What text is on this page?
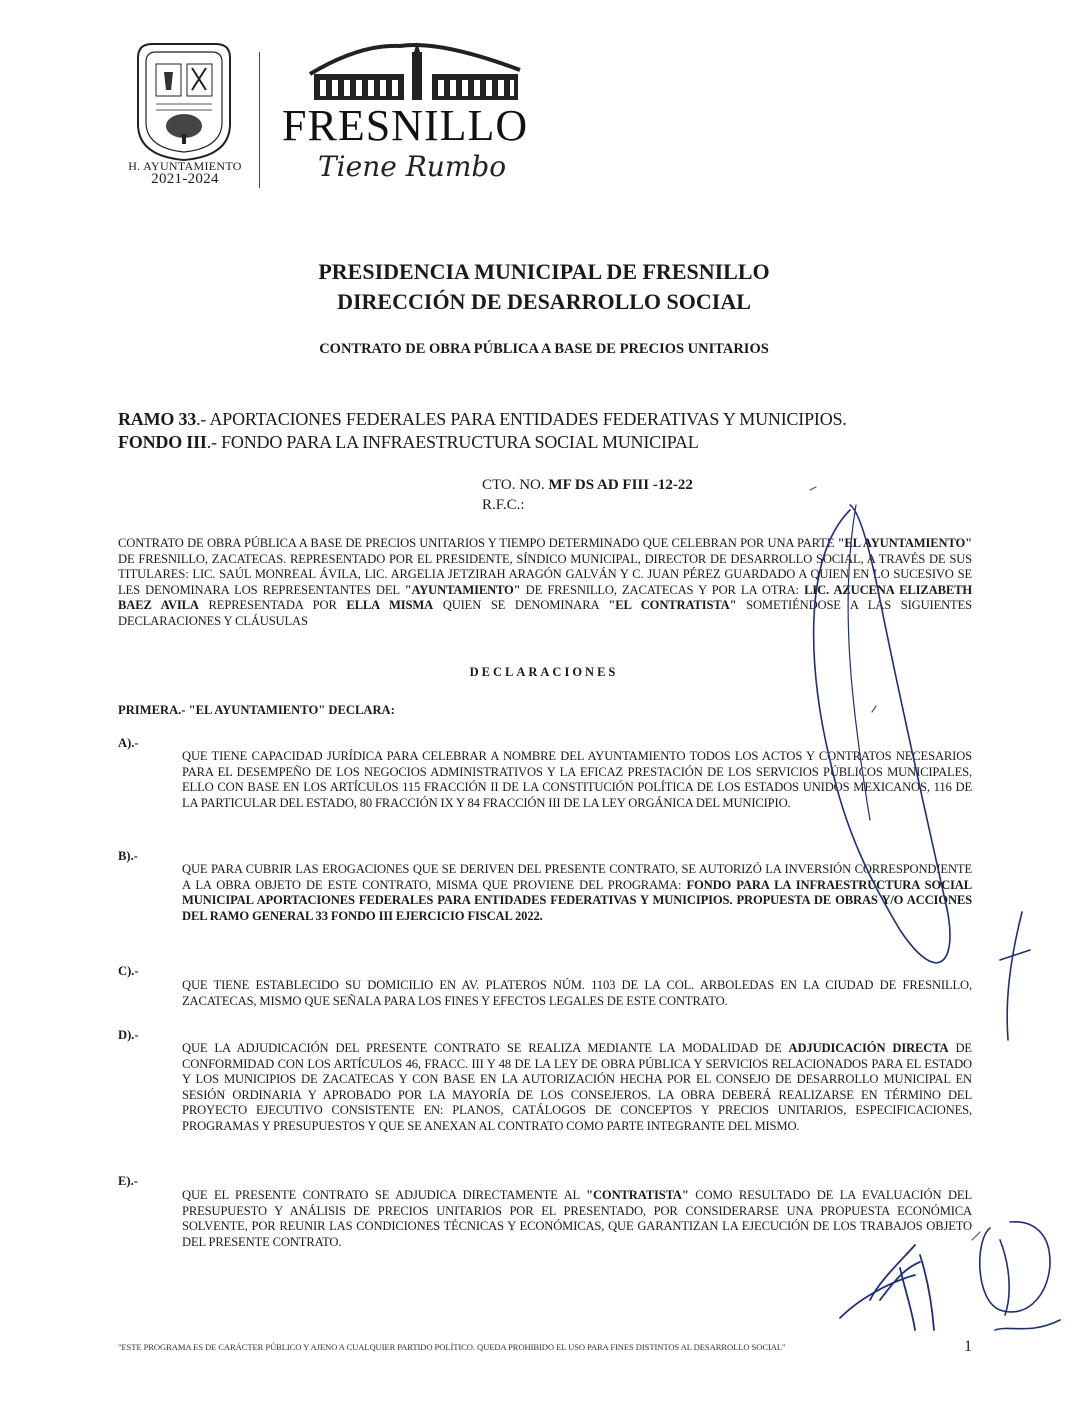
H. AYUNTAMIENTO
2021-2024
FRESNILLO
Tiene Rumbo
PRESIDENCIA MUNICIPAL DE FRESNILLO
DIRECCIÓN DE DESARROLLO SOCIAL
CONTRATO DE OBRA PÚBLICA A BASE DE PRECIOS UNITARIOS
RAMO 33.- APORTACIONES FEDERALES PARA ENTIDADES FEDERATIVAS Y MUNICIPIOS.
FONDO III.- FONDO PARA LA INFRAESTRUCTURA SOCIAL MUNICIPAL
CTO. NO. MF DS AD FIII -12-22
R.F.C.:
CONTRATO DE OBRA PÚBLICA A BASE DE PRECIOS UNITARIOS Y TIEMPO DETERMINADO QUE CELEBRAN POR UNA PARTE "EL AYUNTAMIENTO" DE FRESNILLO, ZACATECAS. REPRESENTADO POR EL PRESIDENTE, SÍNDICO MUNICIPAL, DIRECTOR DE DESARROLLO SOCIAL, A TRAVÉS DE SUS TITULARES: LIC. SAÚL MONREAL ÁVILA, LIC. ARGELIA JETZIRAH ARAGÓN GALVÁN Y C. JUAN PÉREZ GUARDADO A QUIEN EN LO SUCESIVO SE LES DENOMINARA LOS REPRESENTANTES DEL "AYUNTAMIENTO" DE FRESNILLO, ZACATECAS Y POR LA OTRA: LIC. AZUCENA ELIZABETH BAEZ AVILA REPRESENTADA POR ELLA MISMA QUIEN SE DENOMINARA "EL CONTRATISTA" SOMETIÉNDOSE A LAS SIGUIENTES DECLARACIONES Y CLÁUSULAS
DECLARACIONES
PRIMERA.- "EL AYUNTAMIENTO" DECLARA:
A).-
QUE TIENE CAPACIDAD JURÍDICA PARA CELEBRAR A NOMBRE DEL AYUNTAMIENTO TODOS LOS ACTOS Y CONTRATOS NECESARIOS PARA EL DESEMPEÑO DE LOS NEGOCIOS ADMINISTRATIVOS Y LA EFICAZ PRESTACIÓN DE LOS SERVICIOS PÚBLICOS MUNICIPALES, ELLO CON BASE EN LOS ARTÍCULOS 115 FRACCIÓN II DE LA CONSTITUCIÓN POLÍTICA DE LOS ESTADOS UNIDOS MEXICANOS, 116 DE LA PARTICULAR DEL ESTADO, 80 FRACCIÓN IX Y 84 FRACCIÓN III DE LA LEY ORGÁNICA DEL MUNICIPIO.
B).-
QUE PARA CUBRIR LAS EROGACIONES QUE SE DERIVEN DEL PRESENTE CONTRATO, SE AUTORIZÓ LA INVERSIÓN CORRESPONDIENTE A LA OBRA OBJETO DE ESTE CONTRATO, MISMA QUE PROVIENE DEL PROGRAMA: FONDO PARA LA INFRAESTRUCTURA SOCIAL MUNICIPAL APORTACIONES FEDERALES PARA ENTIDADES FEDERATIVAS Y MUNICIPIOS. PROPUESTA DE OBRAS Y/O ACCIONES DEL RAMO GENERAL 33 FONDO III EJERCICIO FISCAL 2022.
C).-
QUE TIENE ESTABLECIDO SU DOMICILIO EN AV. PLATEROS NÚM. 1103 DE LA COL. ARBOLEDAS EN LA CIUDAD DE FRESNILLO, ZACATECAS, MISMO QUE SEÑALA PARA LOS FINES Y EFECTOS LEGALES DE ESTE CONTRATO.
D).-
QUE LA ADJUDICACIÓN DEL PRESENTE CONTRATO SE REALIZA MEDIANTE LA MODALIDAD DE ADJUDICACIÓN DIRECTA DE CONFORMIDAD CON LOS ARTÍCULOS 46, FRACC. III Y 48 DE LA LEY DE OBRA PÚBLICA Y SERVICIOS RELACIONADOS PARA EL ESTADO Y LOS MUNICIPIOS DE ZACATECAS Y CON BASE EN LA AUTORIZACIÓN HECHA POR EL CONSEJO DE DESARROLLO MUNICIPAL EN SESIÓN ORDINARIA Y APROBADO POR LA MAYORÍA DE LOS CONSEJEROS. LA OBRA DEBERÁ REALIZARSE EN TÉRMINO DEL PROYECTO EJECUTIVO CONSISTENTE EN: PLANOS, CATÁLOGOS DE CONCEPTOS Y PRECIOS UNITARIOS, ESPECIFICACIONES, PROGRAMAS Y PRESUPUESTOS Y QUE SE ANEXAN AL CONTRATO COMO PARTE INTEGRANTE DEL MISMO.
E).-
QUE EL PRESENTE CONTRATO SE ADJUDICA DIRECTAMENTE AL "CONTRATISTA" COMO RESULTADO DE LA EVALUACIÓN DEL PRESUPUESTO Y ANÁLISIS DE PRECIOS UNITARIOS POR EL PRESENTADO, POR CONSIDERARSE UNA PROPUESTA ECONÓMICA SOLVENTE, POR REUNIR LAS CONDICIONES TÉCNICAS Y ECONÓMICAS, QUE GARANTIZAN LA EJECUCIÓN DE LOS TRABAJOS OBJETO DEL PRESENTE CONTRATO.
"ESTE PROGRAMA ES DE CARÁCTER PÚBLICO Y AJENO A CUALQUIER PARTIDO POLÍTICO. QUEDA PROHIBIDO EL USO PARA FINES DISTINTOS AL DESARROLLO SOCIAL"	1
